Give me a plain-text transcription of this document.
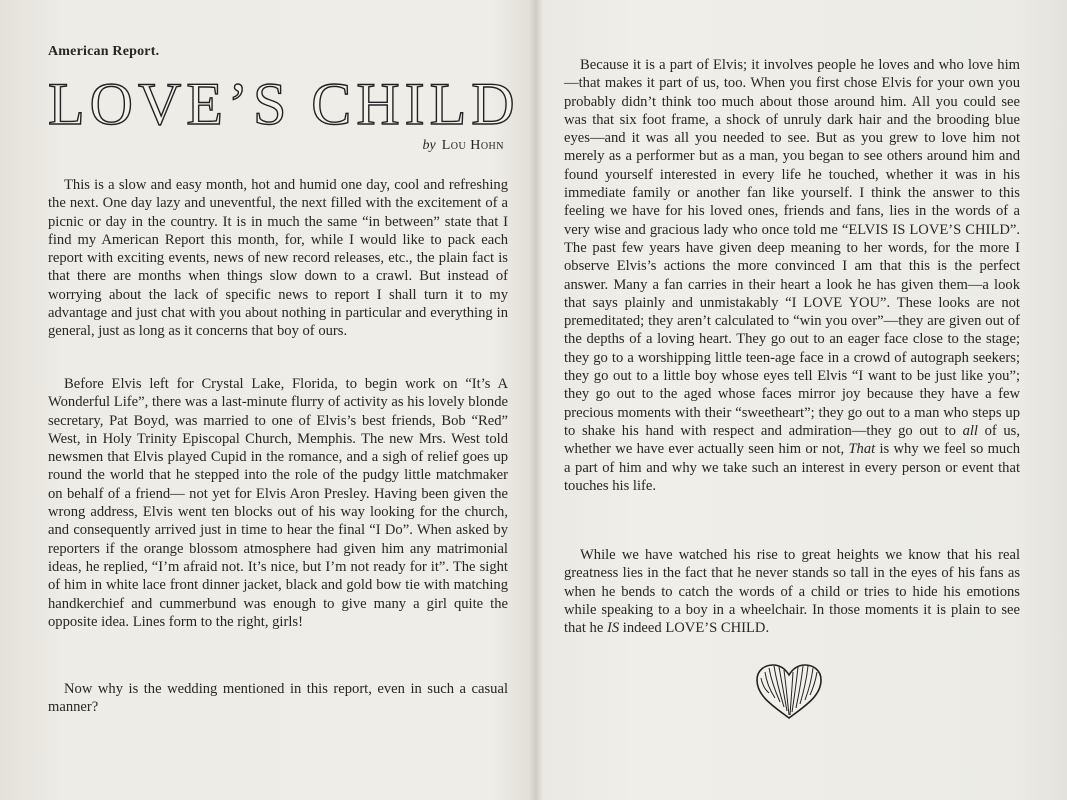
American Report.
LOVE’S CHILD
by Lou Hohn

This is a slow and easy month, hot and humid one day, cool and refreshing the next. One day lazy and uneventful, the next filled with the excitement of a picnic or day in the country. It is in much the same “in between” state that I find my American Report this month, for, while I would like to pack each report with exciting events, news of new record releases, etc., the plain fact is that there are months when things slow down to a crawl. But instead of worrying about the lack of specific news to report I shall turn it to my advantage and just chat with you about nothing in particular and everything in general, just as long as it concerns that boy of ours.

Before Elvis left for Crystal Lake, Florida, to begin work on “It’s A Wonderful Life”, there was a last-minute flurry of activity as his lovely blonde secretary, Pat Boyd, was married to one of Elvis’s best friends, Bob “Red” West, in Holy Trinity Episcopal Church, Memphis. The new Mrs. West told newsmen that Elvis played Cupid in the romance, and a sigh of relief goes up round the world that he stepped into the role of the pudgy little matchmaker on behalf of a friend— not yet for Elvis Aron Presley. Having been given the wrong address, Elvis went ten blocks out of his way looking for the church, and consequently arrived just in time to hear the final “I Do”. When asked by reporters if the orange blossom atmosphere had given him any matrimonial ideas, he replied, “I’m afraid not. It’s nice, but I’m not ready for it”. The sight of him in white lace front dinner jacket, black and gold bow tie with matching handkerchief and cummerbund was enough to give many a girl quite the opposite idea. Lines form to the right, girls!

Now why is the wedding mentioned in this report, even in such a casual manner?

Because it is a part of Elvis; it involves people he loves and who love him—that makes it part of us, too. When you first chose Elvis for your own you probably didn’t think too much about those around him. All you could see was that six foot frame, a shock of unruly dark hair and the brooding blue eyes—and it was all you needed to see. But as you grew to love him not merely as a performer but as a man, you began to see others around him and found yourself interested in every life he touched, whether it was in his immediate family or another fan like yourself. I think the answer to this feeling we have for his loved ones, friends and fans, lies in the words of a very wise and gracious lady who once told me “ELVIS IS LOVE’S CHILD”. The past few years have given deep meaning to her words, for the more I observe Elvis’s actions the more convinced I am that this is the perfect answer. Many a fan carries in their heart a look he has given them—a look that says plainly and unmistakably “I LOVE YOU”. These looks are not premeditated; they aren’t calculated to “win you over”—they are given out of the depths of a loving heart. They go out to an eager face close to the stage; they go to a worshipping little teen-age face in a crowd of autograph seekers; they go out to a little boy whose eyes tell Elvis “I want to be just like you”; they go out to the aged whose faces mirror joy because they have a few precious moments with their “sweetheart”; they go out to a man who steps up to shake his hand with respect and admiration—they go out to all of us, whether we have ever actually seen him or not, That is why we feel so much a part of him and why we take such an interest in every person or event that touches his life.

While we have watched his rise to great heights we know that his real greatness lies in the fact that he never stands so tall in the eyes of his fans as when he bends to catch the words of a child or tries to hide his emotions while speaking to a boy in a wheelchair. In those moments it is plain to see that he IS indeed LOVE’S CHILD.
